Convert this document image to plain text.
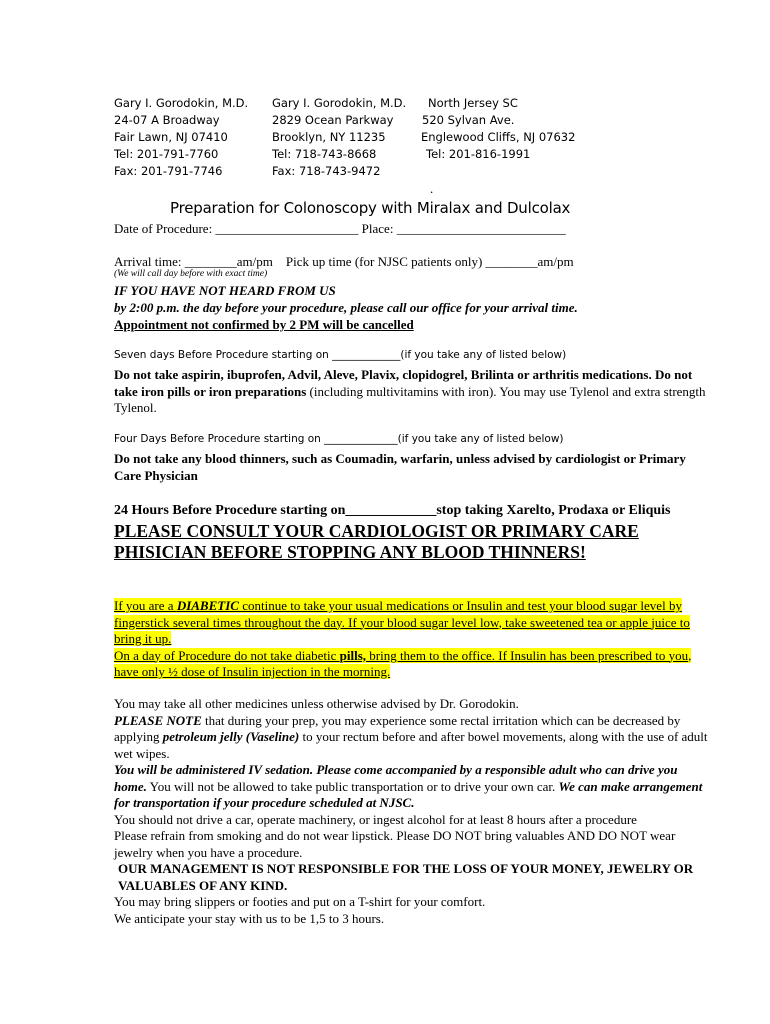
Gary I. Gorodokin, M.D.
24-07 A Broadway
Fair Lawn, NJ 07410
Tel: 201-791-7760
Fax: 201-791-7746
Gary I. Gorodokin, M.D.
2829 Ocean Parkway
Brooklyn, NY 11235
Tel: 718-743-8668
Fax: 718-743-9472
North Jersey SC
520 Sylvan Ave.
Englewood Cliffs, NJ 07632
Tel: 201-816-1991
.
Preparation for Colonoscopy with Miralax and Dulcolax
Date of Procedure: ______________________ Place: __________________________
Arrival time: ________am/pm    Pick up time (for NJSC patients only) ________am/pm
(We will call day before with exact time)
IF YOU HAVE NOT HEARD FROM US
by 2:00 p.m. the day before your procedure, please call our office for your arrival time.
Appointment not confirmed by 2 PM will be cancelled
Seven days Before Procedure starting on _____________(if you take any of listed below)
Do not take aspirin, ibuprofen, Advil, Aleve, Plavix, clopidogrel, Brilinta or arthritis medications. Do not take iron pills or iron preparations (including multivitamins with iron). You may use Tylenol and extra strength Tylenol.
Four Days Before Procedure starting on ______________(if you take any of listed below)
Do not take any blood thinners, such as Coumadin, warfarin, unless advised by cardiologist or Primary Care Physician
24 Hours Before Procedure starting on_____________stop taking Xarelto, Prodaxa or Eliquis
PLEASE CONSULT YOUR CARDIOLOGIST OR PRIMARY CARE PHISICIAN BEFORE STOPPING ANY BLOOD THINNERS!
If you are a DIABETIC continue to take your usual medications or Insulin and test your blood sugar level by fingerstick several times throughout the day. If your blood sugar level low, take sweetened tea or apple juice to bring it up.
On a day of Procedure do not take diabetic pills, bring them to the office. If Insulin has been prescribed to you, have only ½ dose of Insulin injection in the morning.
You may take all other medicines unless otherwise advised by Dr. Gorodokin.
PLEASE NOTE that during your prep, you may experience some rectal irritation which can be decreased by applying petroleum jelly (Vaseline) to your rectum before and after bowel movements, along with the use of adult wet wipes.
You will be administered IV sedation. Please come accompanied by a responsible adult who can drive you home. You will not be allowed to take public transportation or to drive your own car. We can make arrangement for transportation if your procedure scheduled at NJSC.
You should not drive a car, operate machinery, or ingest alcohol for at least 8 hours after a procedure
Please refrain from smoking and do not wear lipstick. Please DO NOT bring valuables AND DO NOT wear jewelry when you have a procedure.
OUR MANAGEMENT IS NOT RESPONSIBLE FOR THE LOSS OF YOUR MONEY, JEWELRY OR VALUABLES OF ANY KIND.
You may bring slippers or footies and put on a T-shirt for your comfort.
We anticipate your stay with us to be 1,5 to 3 hours.
